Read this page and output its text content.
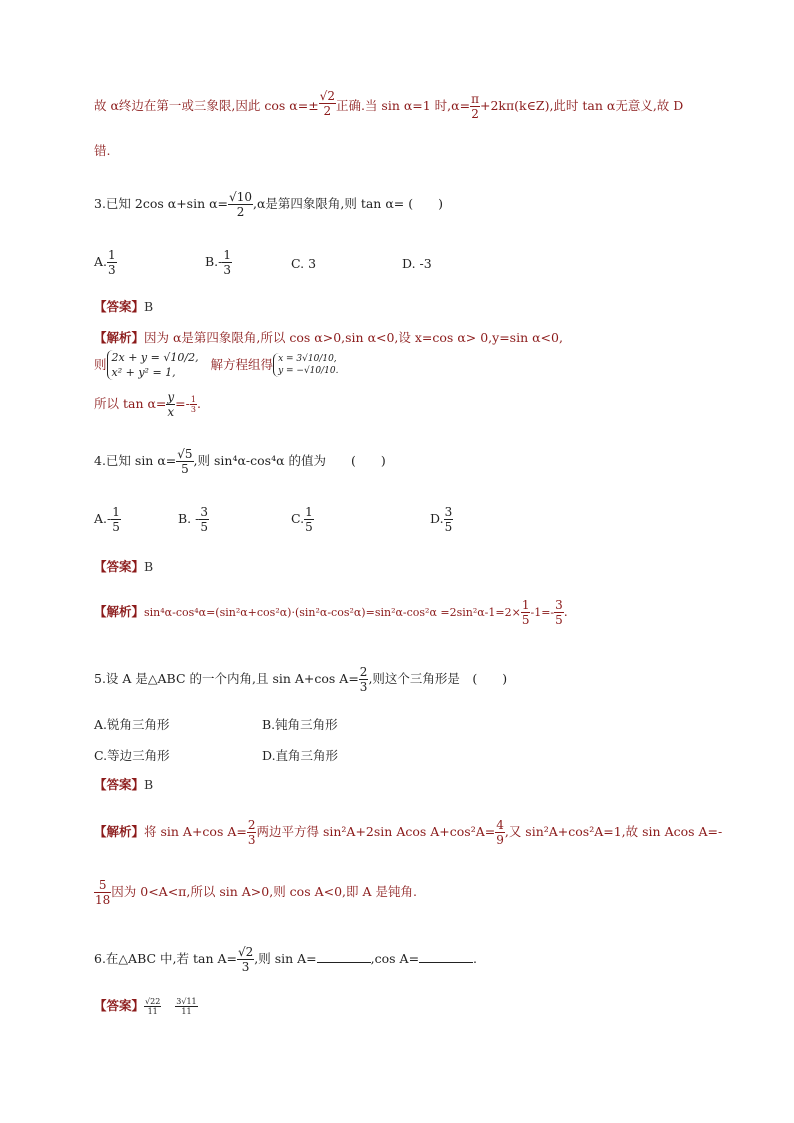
故 α终边在第一或三象限,因此 $\cos \alpha=\pm \frac{√2}{2}$ 正确.当 sin α=1 时$,\alpha= \frac{\pi}{2}$ +2kπ(k∈Z),此时 tan α无意义,故 D
错.
3.已知 2cos α+sin $\alpha= \frac{√10}{2} ,\alpha$是第四象限角,则 tan α= (　　)
A. $\frac{1}{3}$	$B.- \frac{1}{3}$	C. 3	D. -3
【答案】B
【解析】因为 α是第四象限角,所以 cos α>0,sin α<0,设 x=cos α> 0,y=sin α<0,
则 2x + y = √10/2,
x² + y² = 1, 解方程组得 x = 3√10/10,
y = −√10/10.
所以 $\tan \alpha= \frac{y}{x} =- \frac{1}{3}$ .
4.已知 $\sin \alpha= \frac{√5}{5}$ ,则 sin⁴α-cos⁴α 的值为　　(　　)
$A.- \frac{1}{5}$	B. - $\frac{3}{5}$	C. $\frac{1}{5}$	D. $\frac{3}{5}$
【答案】B
【解析】$\sin^4\alpha-\cos^4\alpha=(\sin^2\alpha+\cos^2\alpha)\cdot(\sin^2\alpha-\cos^2\alpha)=\sin^2\alpha-\cos^2\alpha =2\sin^2\alpha-1=2\times \frac{1}{5} -1=- \frac{3}{5}$ .
5.设 A 是△ABC 的一个内角,且 sin A+cos $A= \frac{2}{3}$ ,则这个三角形是　(　　)
A.锐角三角形	B.钝角三角形
C.等边三角形	D.直角三角形
【答案】B
【解析】将 sin A+cos $A= \frac{2}{3}$ 两边平方得 sin²A+2sin Acos $A+\cos^2A= \frac{4}{9}$ ,又 sin²A+cos²A=1,故 sin Acos A=-
$\frac{5}{18}$ 因为 0<A<π,所以 sin A>0,则 cos A<0,即 A 是钝角.
6.在△ABC 中,若 $\tan A= \frac{√2}{3}$ ,则 sin A=	,cos A=	.
【答案】 $\frac{√22}{11}$
$\frac{3√11}{11}$
